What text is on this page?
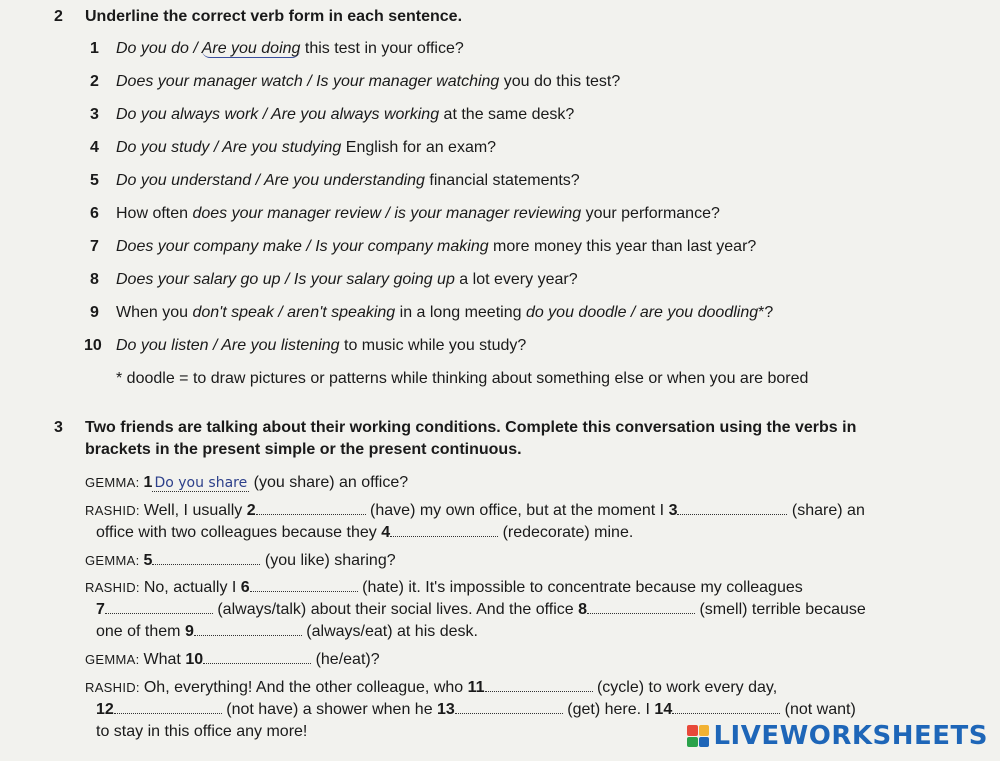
2 Underline the correct verb form in each sentence.
1 Do you do / Are you doing this test in your office?
2 Does your manager watch / Is your manager watching you do this test?
3 Do you always work / Are you always working at the same desk?
4 Do you study / Are you studying English for an exam?
5 Do you understand / Are you understanding financial statements?
6 How often does your manager review / is your manager reviewing your performance?
7 Does your company make / Is your company making more money this year than last year?
8 Does your salary go up / Is your salary going up a lot every year?
9 When you don't speak / aren't speaking in a long meeting do you doodle / are you doodling*?
10 Do you listen / Are you listening to music while you study?
* doodle = to draw pictures or patterns while thinking about something else or when you are bored
3 Two friends are talking about their working conditions. Complete this conversation using the verbs in
brackets in the present simple or the present continuous.
GEMMA: 1 Do you share (you share) an office?
RASHID: Well, I usually 2	(have) my own office, but at the moment I 3	(share) an
office with two colleagues because they 4	(redecorate) mine.
GEMMA: 5	(you like) sharing?
RASHID: No, actually I 6	(hate) it. It's impossible to concentrate because my colleagues
7	(always/talk) about their social lives. And the office 8	(smell) terrible because
one of them 9	(always/eat) at his desk.
GEMMA: What 10	(he/eat)?
RASHID: Oh, everything! And the other colleague, who 11	(cycle) to work every day,
12	(not have) a shower when he 13	(get) here. I 14	(not want)
to stay in this office any more!	LIVEWORKSHEETS
